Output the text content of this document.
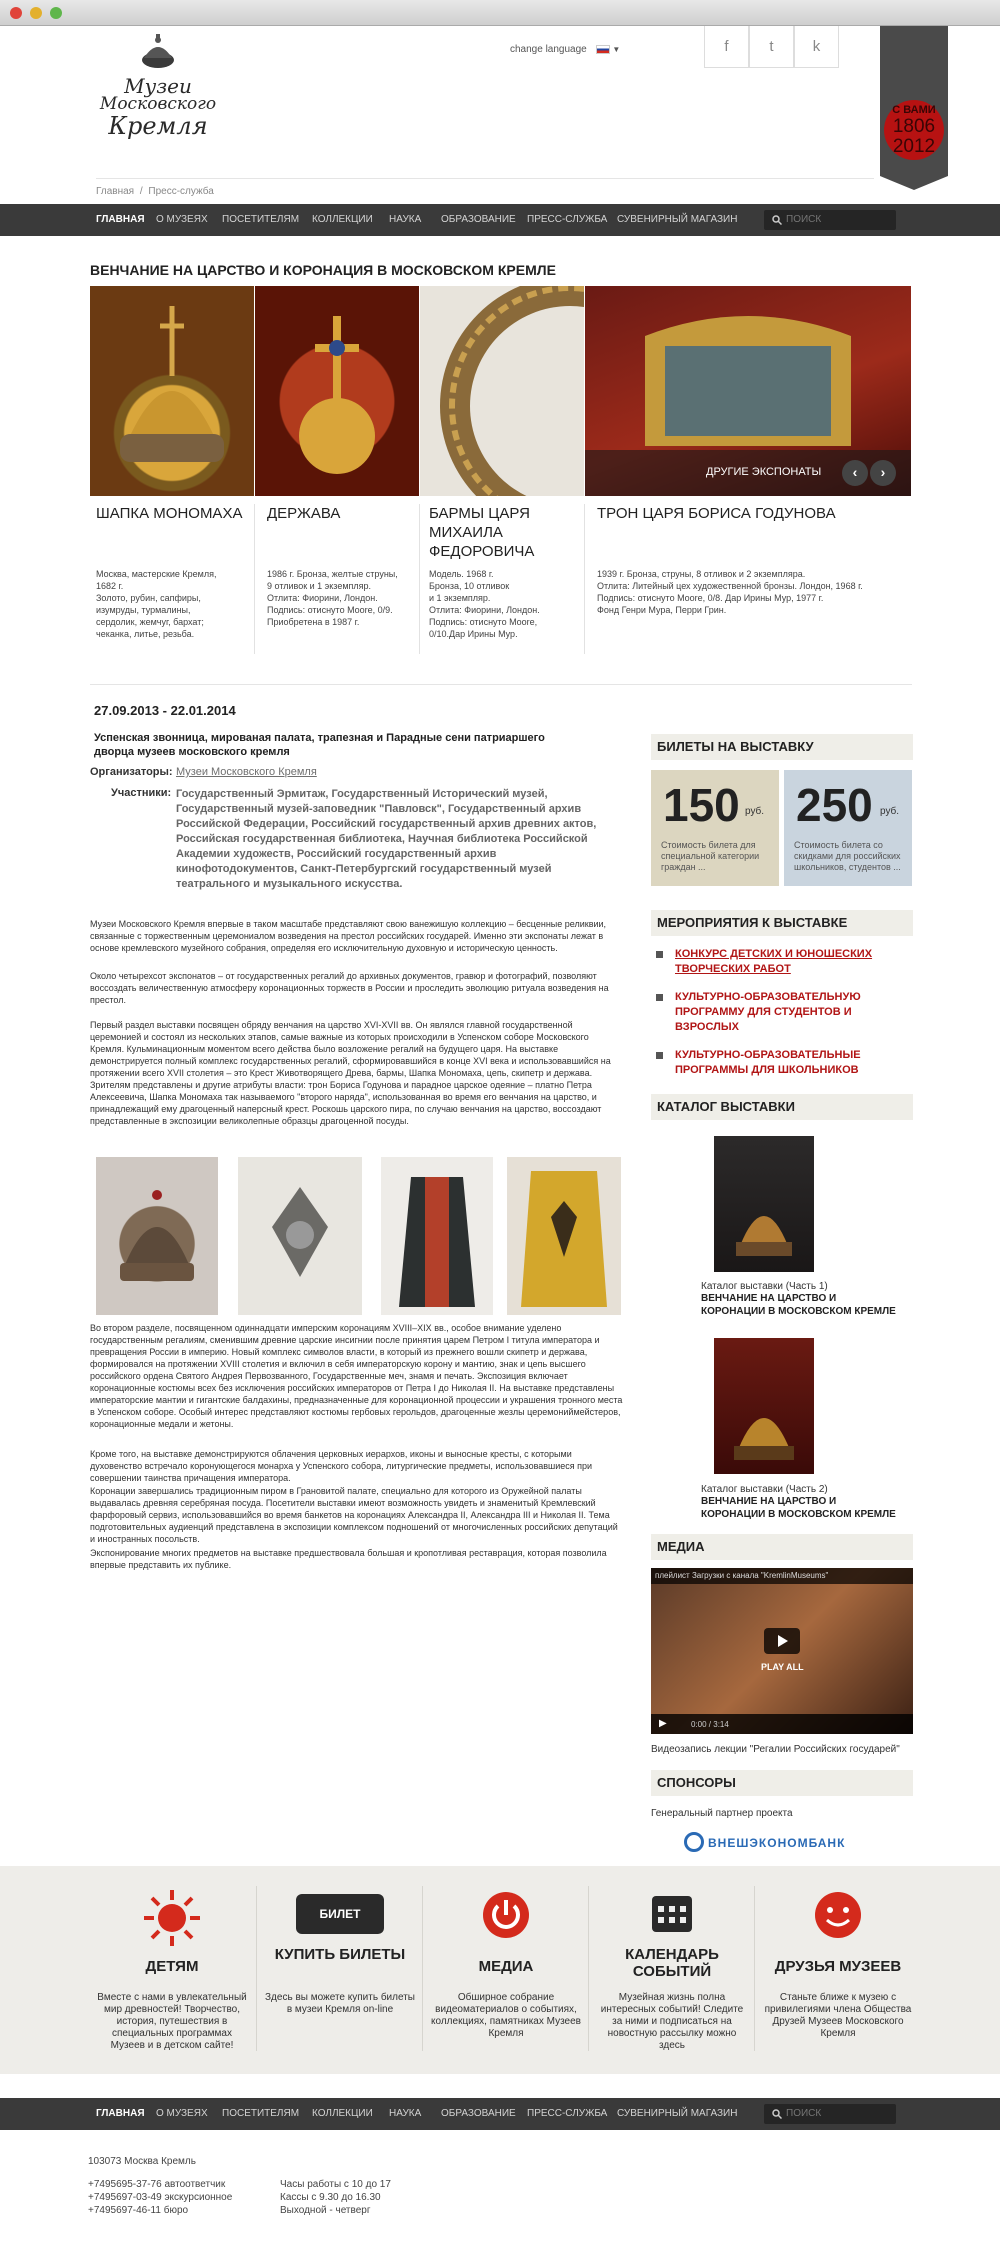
Музеи
Московского
Кремля
change language	▼	f	t	k
С ВАМИ
1806
2012
Главная / Пресс-служба
ГЛАВНАЯ О МУЗЕЯХ ПОСЕТИТЕЛЯМ КОЛЛЕКЦИИ НАУКА ОБРАЗОВАНИЕ ПРЕСС-СЛУЖБА СУВЕНИРНЫЙ МАГАЗИН
ПОИСК
ВЕНЧАНИЕ НА ЦАРСТВО И КОРОНАЦИЯ В МОСКОВСКОМ КРЕМЛЕ
ДРУГИЕ ЭКСПОНАТЫ	‹	›
ШАПКА МОНОМАХА	ДЕРЖАВА	БАРМЫ ЦАРЯ МИХАИЛА ФЕДОРОВИЧА
ТРОН ЦАРЯ БОРИСА ГОДУНОВА
Москва, мастерские Кремля,
1682 г.
Золото, рубин, сапфиры,
изумруды, турмалины,
сердолик, жемчуг, бархат;
чеканка, литье, резьба.
1986 г. Бронза, желтые струны,
9 отливок и 1 экземпляр.
Отлита: Фиорини, Лондон.
Подпись: отиснуто Moore, 0/9.
Приобретена в 1987 г.
Модель. 1968 г.
Бронза, 10 отливок
и 1 экземпляр.
Отлита: Фиорини, Лондон.
Подпись: отиснуто Moore,
0/10.Дар Ирины Мур.
1939 г. Бронза, струны, 8 отливок и 2 экземпляра.
Отлита: Литейный цех художественной бронзы. Лондон, 1968 г.
Подпись: отиснуто Moore, 0/8. Дар Ирины Мур, 1977 г.
Фонд Генри Мура, Перри Грин.
27.09.2013 - 22.01.2014
Успенская звонница, мированая палата, трапезная и Парадные сени патриаршего дворца музеев московского кремля
Организаторы: Музеи Московского Кремля
Участники: Государственный Эрмитаж, Государственный Исторический музей, Государственный музей-заповедник "Павловск", Государственный архив Российской Федерации, Российский государственный архив древних актов, Российская государственная библиотека, Научная библиотека Российской Академии художеств, Российский государственный архив кинофотодокументов, Санкт-Петербургский государственный музей театрального и музыкального искусства.
Музеи Московского Кремля впервые в таком масштабе представляют свою ванежишую коллекцию – бесценные реликвии, связанные с торжественным церемониалом возведения на престол российских государей. Именно эти экспонаты лежат в основе кремлевского музейного собрания, определяя его исключительную духовную и историческую ценность.
Около четырехсот экспонатов – от государственных регалий до архивных документов, гравюр и фотографий, позволяют воссоздать величественную атмосферу коронационных торжеств в России и проследить эволюцию ритуала возведения на престол.
Первый раздел выставки посвящен обряду венчания на царство XVI-XVII вв. Он являлся главной государственной церемонией и состоял из нескольких этапов, самые важные из которых происходили в Успенском соборе Московского Кремля. Кульминационным моментом всего действа было возложение регалий на будущего царя. На выставке демонстрируется полный комплекс государственных регалий, сформировавшийся в конце XVI века и использовавшийся на протяжении всего XVII столетия – это Крест Животворящего Древа, бармы, Шапка Мономаха, цепь, скипетр и держава. Зрителям представлены и другие атрибуты власти: трон Бориса Годунова и парадное царское одеяние – платно Петра Алексеевича, Шапка Мономаха так называемого "второго наряда", использованная во время его венчания на царство, и принадлежащий ему драгоценный наперсный крест. Роскошь царского пира, по случаю венчания на царство, воссоздают представленные в экспозиции великолепные образцы драгоценной посуды.
Во втором разделе, посвященном одиннадцати имперским коронациям XVIII–XIX вв., особое внимание уделено государственным регалиям, сменившим древние царские инсигнии после принятия царем Петром I титула императора и превращения России в империю. Новый комплекс символов власти, в который из прежнего вошли скипетр и держава, формировался на протяжении XVIII столетия и включил в себя императорскую корону и мантию, знак и цепь высшего российского ордена Святого Андрея Первозванного, Государственные меч, знамя и печать. Экспозиция включает коронационные костюмы всех без исключения российских императоров от Петра I до Николая II. На выставке представлены императорские мантии и гигантские балдахины, предназначенные для коронационной процессии и украшения тронного места в Успенском соборе. Особый интерес представляют костюмы гербовых герольдов, драгоценные жезлы церемониймейстеров, коронационные медали и жетоны.
Кроме того, на выставке демонстрируются облачения церковных иерархов, иконы и выносные кресты, с которыми духовенство встречало коронующегося монарха у Успенского собора, литургические предметы, использовавшиеся при совершении таинства причащения императора.
Коронации завершались традиционным пиром в Грановитой палате, специально для которого из Оружейной палаты выдавалась древняя серебряная посуда. Посетители выставки имеют возможность увидеть и знаменитый Кремлевский фарфоровый сервиз, использовавшийся во время банкетов на коронациях Александра II, Александра III и Николая II. Тема подготовительных аудиенций представлена в экспозиции комплексом подношений от многочисленных российских депутаций и иностранных посольств.
Экспонирование многих предметов на выставке предшествовала большая и кропотливая реставрация, которая позволила впервые представить их публике.
БИЛЕТЫ НА ВЫСТАВКУ
150 руб.
Стоимость билета для специальной категории граждан ...
250 руб.
Стоимость билета со скидками для российских школьников, студентов ...
МЕРОПРИЯТИЯ К ВЫСТАВКЕ
КОНКУРС ДЕТСКИХ И ЮНОШЕСКИХ ТВОРЧЕСКИХ РАБОТ
КУЛЬТУРНО-ОБРАЗОВАТЕЛЬНУЮ ПРОГРАММУ ДЛЯ СТУДЕНТОВ И ВЗРОСЛЫХ
КУЛЬТУРНО-ОБРАЗОВАТЕЛЬНЫЕ ПРОГРАММЫ ДЛЯ ШКОЛЬНИКОВ
КАТАЛОГ ВЫСТАВКИ
Каталог выставки (Часть 1)
ВЕНЧАНИЕ НА ЦАРСТВО И КОРОНАЦИИ В МОСКОВСКОМ КРЕМЛЕ
Каталог выставки (Часть 2)
ВЕНЧАНИЕ НА ЦАРСТВО И КОРОНАЦИИ В МОСКОВСКОМ КРЕМЛЕ
МЕДИА
плейлист Загрузки с канала "KremlinMuseums"
PLAY ALL
▶	0:00 / 3:14
Видеозапись лекции "Регалии Российских государей"
СПОНСОРЫ
Генеральный партнер проекта
ВНЕШЭКОНОМБАНК
ДЕТЯМ
Вместе с нами в увлекательный мир древностей! Творчество, история, путешествия в специальных программах Музеев и в детском сайте!
БИЛЕТ
КУПИТЬ БИЛЕТЫ
Здесь вы можете купить билеты в музеи Кремля on-line
МЕДИА
Обширное собрание видеоматериалов о событиях, коллекциях, памятниках Музеев Кремля
КАЛЕНДАРЬ СОБЫТИЙ
Музейная жизнь полна интересных событий! Следите за ними и подписаться на новостную рассылку можно здесь
ДРУЗЬЯ МУЗЕЕВ
Станьте ближе к музею с привилегиями члена Общества Друзей Музеев Московского Кремля
ГЛАВНАЯ О МУЗЕЯХ ПОСЕТИТЕЛЯМ КОЛЛЕКЦИИ НАУКА ОБРАЗОВАНИЕ ПРЕСС-СЛУЖБА СУВЕНИРНЫЙ МАГАЗИН
ПОИСК
103073 Москва Кремль
+7495695-37-76 автоответчик
+7495697-03-49 экскурсионное
+7495697-46-11 бюро
Часы работы с 10 до 17
Кассы с 9.30 до 16.30
Выходной - четверг
